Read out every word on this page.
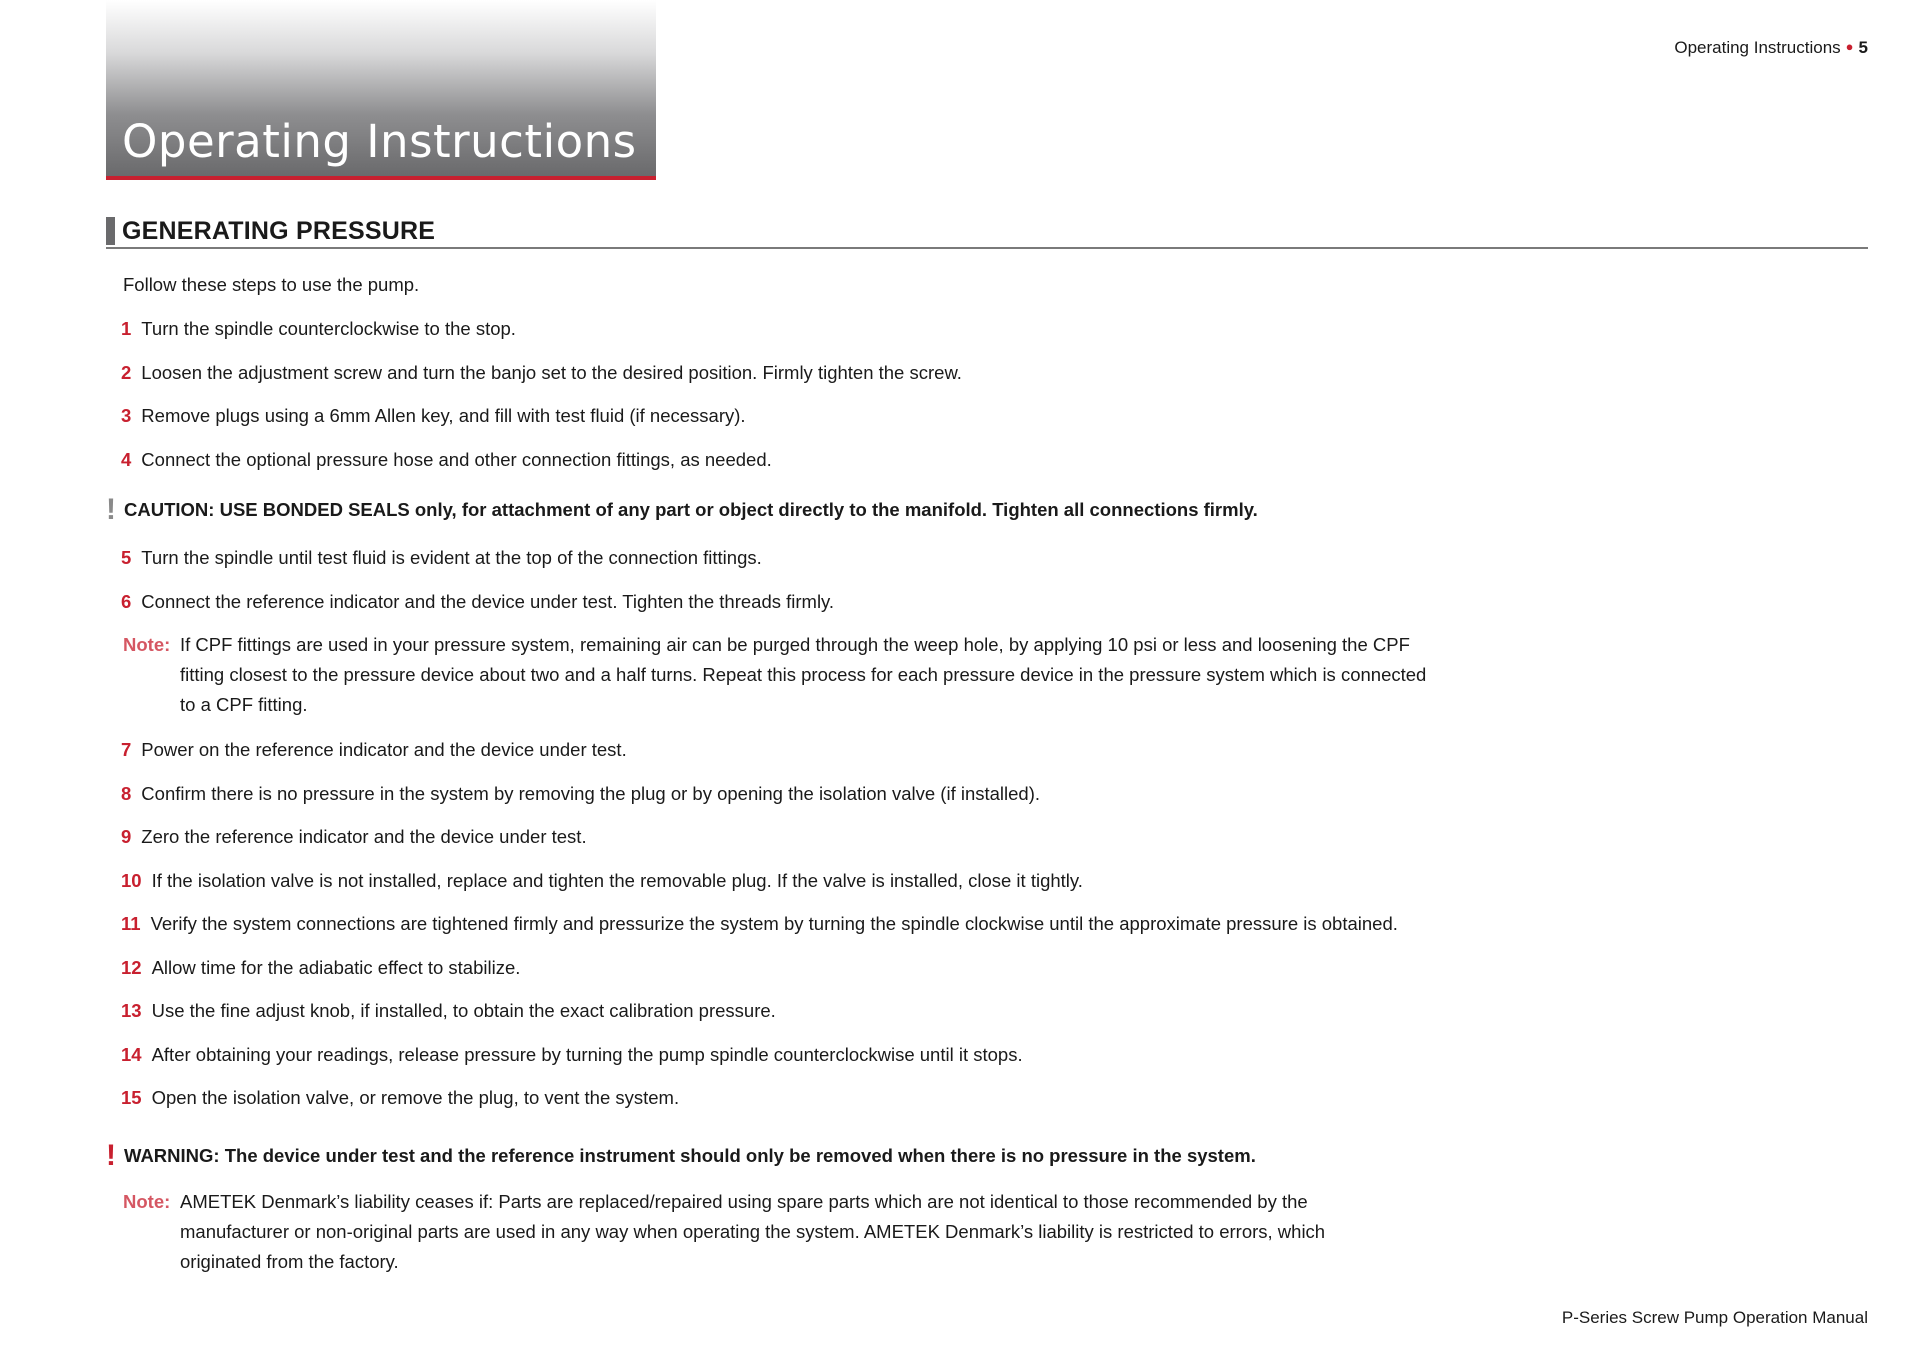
Operating Instructions
Operating Instructions ● 5
GENERATING PRESSURE
Follow these steps to use the pump.
1 Turn the spindle counterclockwise to the stop.
2 Loosen the adjustment screw and turn the banjo set to the desired position. Firmly tighten the screw.
3 Remove plugs using a 6mm Allen key, and fill with test fluid (if necessary).
4 Connect the optional pressure hose and other connection fittings, as needed.
! CAUTION: USE BONDED SEALS only, for attachment of any part or object directly to the manifold. Tighten all connections firmly.
5 Turn the spindle until test fluid is evident at the top of the connection fittings.
6 Connect the reference indicator and the device under test. Tighten the threads firmly.
Note: If CPF fittings are used in your pressure system, remaining air can be purged through the weep hole, by applying 10 psi or less and loosening the CPF
fitting closest to the pressure device about two and a half turns. Repeat this process for each pressure device in the pressure system which is connected
to a CPF fitting.
7 Power on the reference indicator and the device under test.
8 Confirm there is no pressure in the system by removing the plug or by opening the isolation valve (if installed).
9 Zero the reference indicator and the device under test.
10 If the isolation valve is not installed, replace and tighten the removable plug. If the valve is installed, close it tightly.
11 Verify the system connections are tightened firmly and pressurize the system by turning the spindle clockwise until the approximate pressure is obtained.
12 Allow time for the adiabatic effect to stabilize.
13 Use the fine adjust knob, if installed, to obtain the exact calibration pressure.
14 After obtaining your readings, release pressure by turning the pump spindle counterclockwise until it stops.
15 Open the isolation valve, or remove the plug, to vent the system.
! WARNING: The device under test and the reference instrument should only be removed when there is no pressure in the system.
Note: AMETEK Denmark’s liability ceases if: Parts are replaced/repaired using spare parts which are not identical to those recommended by the
manufacturer or non-original parts are used in any way when operating the system. AMETEK Denmark’s liability is restricted to errors, which
originated from the factory.
P-Series Screw Pump Operation Manual
